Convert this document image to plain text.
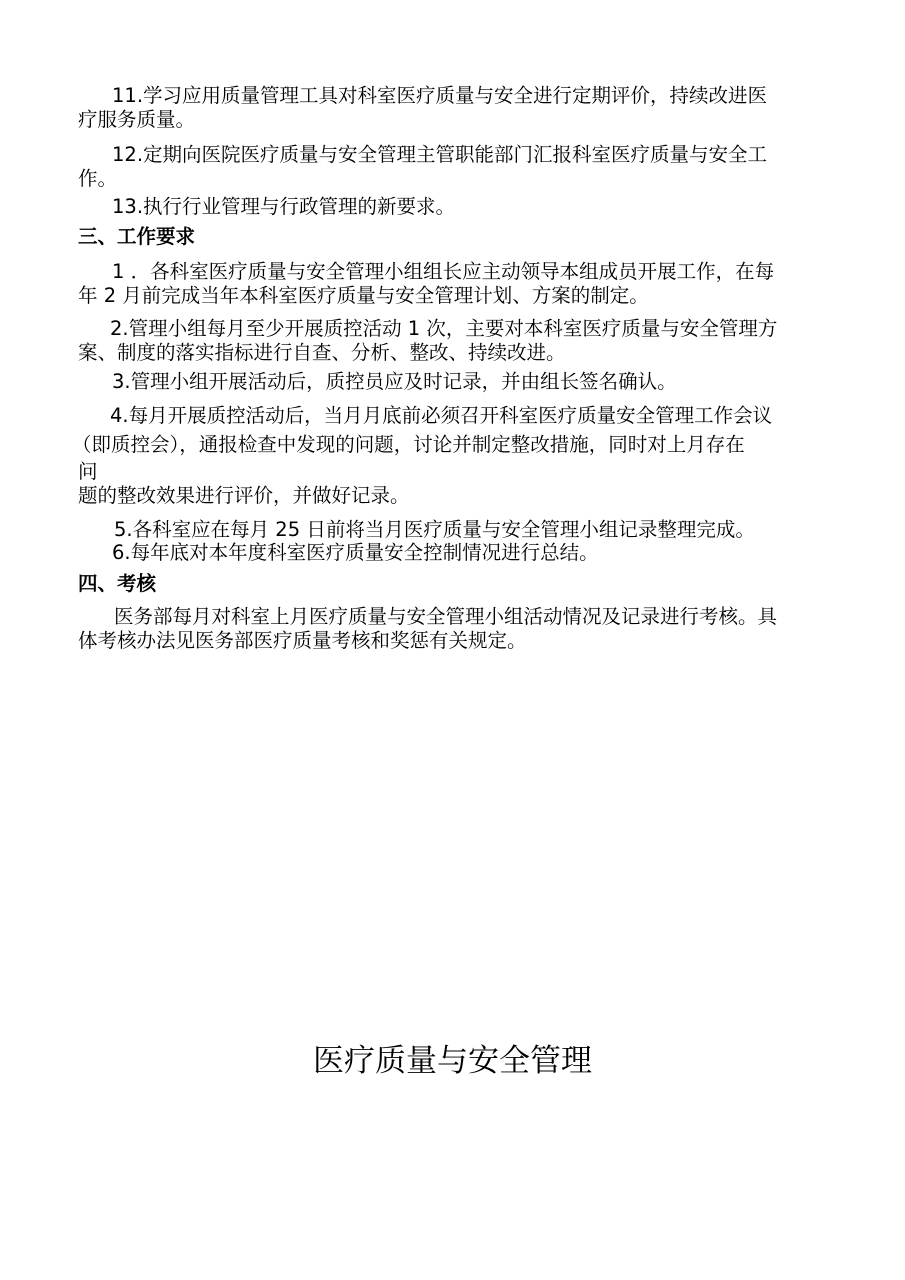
11.学习应用质量管理工具对科室医疗质量与安全进行定期评价，持续改进医
疗服务质量。
12.定期向医院医疗质量与安全管理主管职能部门汇报科室医疗质量与安全工
作。
13.执行行业管理与行政管理的新要求。
三、工作要求
1 ．各科室医疗质量与安全管理小组组长应主动领导本组成员开展工作，在每
年 2 月前完成当年本科室医疗质量与安全管理计划、方案的制定。
2.管理小组每月至少开展质控活动 1 次，主要对本科室医疗质量与安全管理方
案、制度的落实指标进行自查、分析、整改、持续改进。
3.管理小组开展活动后，质控员应及时记录，并由组长签名确认。
4.每月开展质控活动后，当月月底前必须召开科室医疗质量安全管理工作会议
（即质控会），通报检查中发现的问题，讨论并制定整改措施，同时对上月存在
问
题的整改效果进行评价，并做好记录。
5.各科室应在每月 25 日前将当月医疗质量与安全管理小组记录整理完成。
6.每年底对本年度科室医疗质量安全控制情况进行总结。
四、考核
医务部每月对科室上月医疗质量与安全管理小组活动情况及记录进行考核。具
体考核办法见医务部医疗质量考核和奖惩有关规定。
医疗质量与安全管理
